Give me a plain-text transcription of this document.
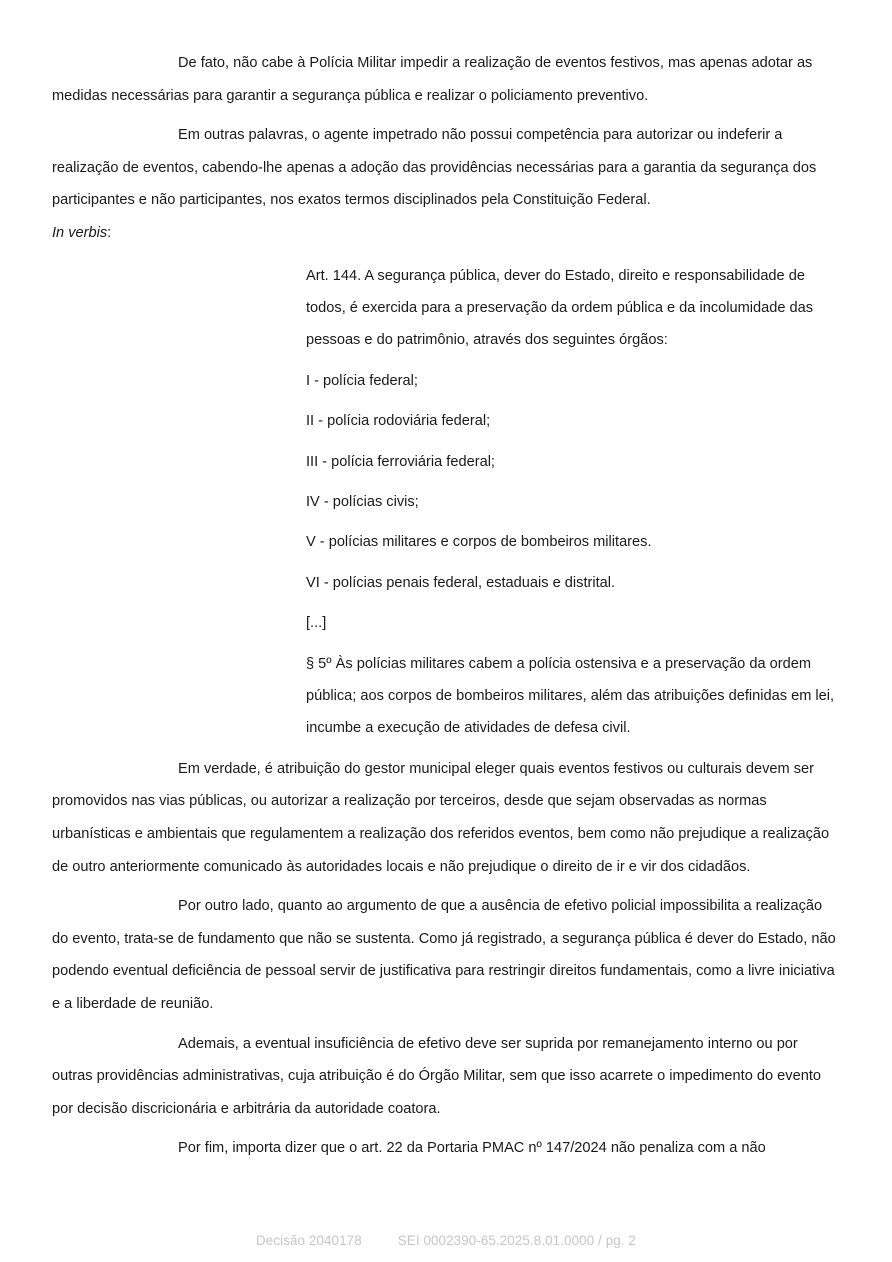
De fato, não cabe à Polícia Militar impedir a realização de eventos festivos, mas apenas adotar as medidas necessárias para garantir a segurança pública e realizar o policiamento preventivo.

Em outras palavras, o agente impetrado não possui competência para autorizar ou indeferir a realização de eventos, cabendo-lhe apenas a adoção das providências necessárias para a garantia da segurança dos participantes e não participantes, nos exatos termos disciplinados pela Constituição Federal.

In verbis:

Art. 144. A segurança pública, dever do Estado, direito e responsabilidade de todos, é exercida para a preservação da ordem pública e da incolumidade das pessoas e do patrimônio, através dos seguintes órgãos:

I - polícia federal;

II - polícia rodoviária federal;

III - polícia ferroviária federal;

IV - polícias civis;

V - polícias militares e corpos de bombeiros militares.

VI - polícias penais federal, estaduais e distrital.

[...]

§ 5º Às polícias militares cabem a polícia ostensiva e a preservação da ordem pública; aos corpos de bombeiros militares, além das atribuições definidas em lei, incumbe a execução de atividades de defesa civil.

Em verdade, é atribuição do gestor municipal eleger quais eventos festivos ou culturais devem ser promovidos nas vias públicas, ou autorizar a realização por terceiros, desde que sejam observadas as normas urbanísticas e ambientais que regulamentem a realização dos referidos eventos, bem como não prejudique a realização de outro anteriormente comunicado às autoridades locais e não prejudique o direito de ir e vir dos cidadãos.

Por outro lado, quanto ao argumento de que a ausência de efetivo policial impossibilita a realização do evento, trata-se de fundamento que não se sustenta. Como já registrado, a segurança pública é dever do Estado, não podendo eventual deficiência de pessoal servir de justificativa para restringir direitos fundamentais, como a livre iniciativa e a liberdade de reunião.

Ademais, a eventual insuficiência de efetivo deve ser suprida por remanejamento interno ou por outras providências administrativas, cuja atribuição é do Órgão Militar, sem que isso acarrete o impedimento do evento por decisão discricionária e arbitrária da autoridade coatora.

Por fim, importa dizer que o art. 22 da Portaria PMAC nº 147/2024 não penaliza com a não

Decisão 2040178	SEI 0002390-65.2025.8.01.0000 / pg. 2
